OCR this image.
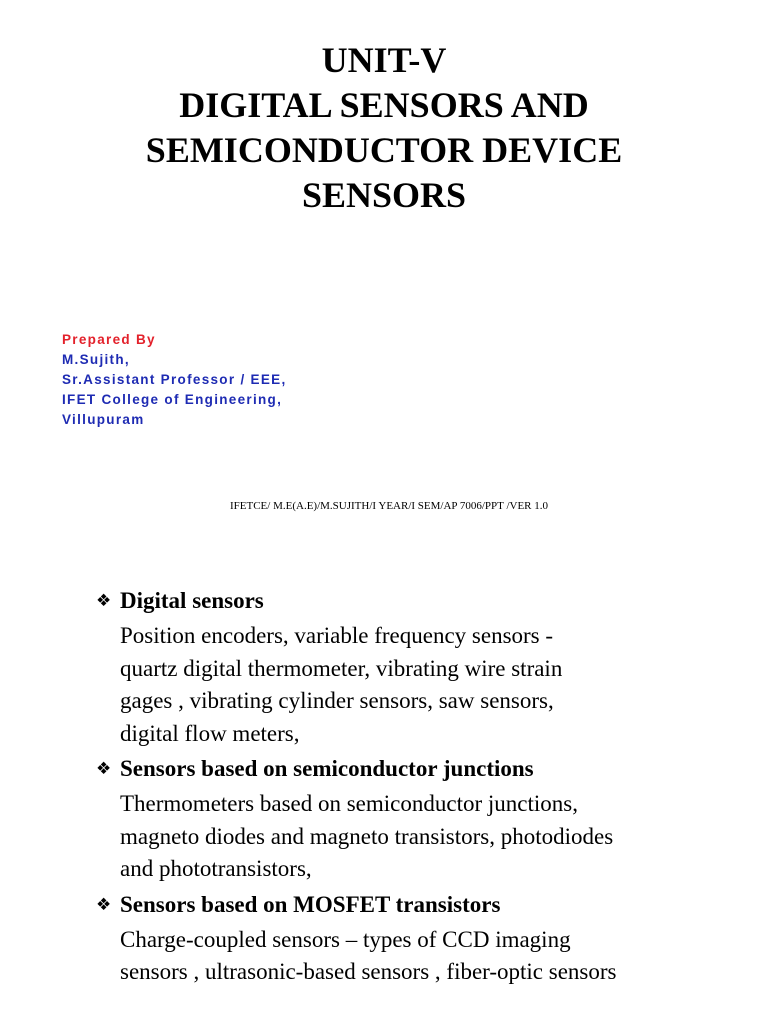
UNIT-V
DIGITAL SENSORS AND
SEMICONDUCTOR DEVICE
SENSORS
Prepared By
M.Sujith,
Sr.Assistant Professor / EEE,
IFET College of Engineering,
Villupuram
IFETCE/ M.E(A.E)/M.SUJITH/I YEAR/I SEM/AP 7006/PPT /VER 1.0
❖ Digital sensors
Position encoders, variable frequency sensors -
quartz digital thermometer, vibrating wire strain
gages , vibrating cylinder sensors, saw sensors,
digital flow meters,
❖ Sensors based on semiconductor junctions
Thermometers based on semiconductor junctions,
magneto diodes and magneto transistors, photodiodes
and phototransistors,
❖ Sensors based on MOSFET transistors
Charge-coupled sensors – types of CCD imaging
sensors , ultrasonic-based sensors , fiber-optic sensors
